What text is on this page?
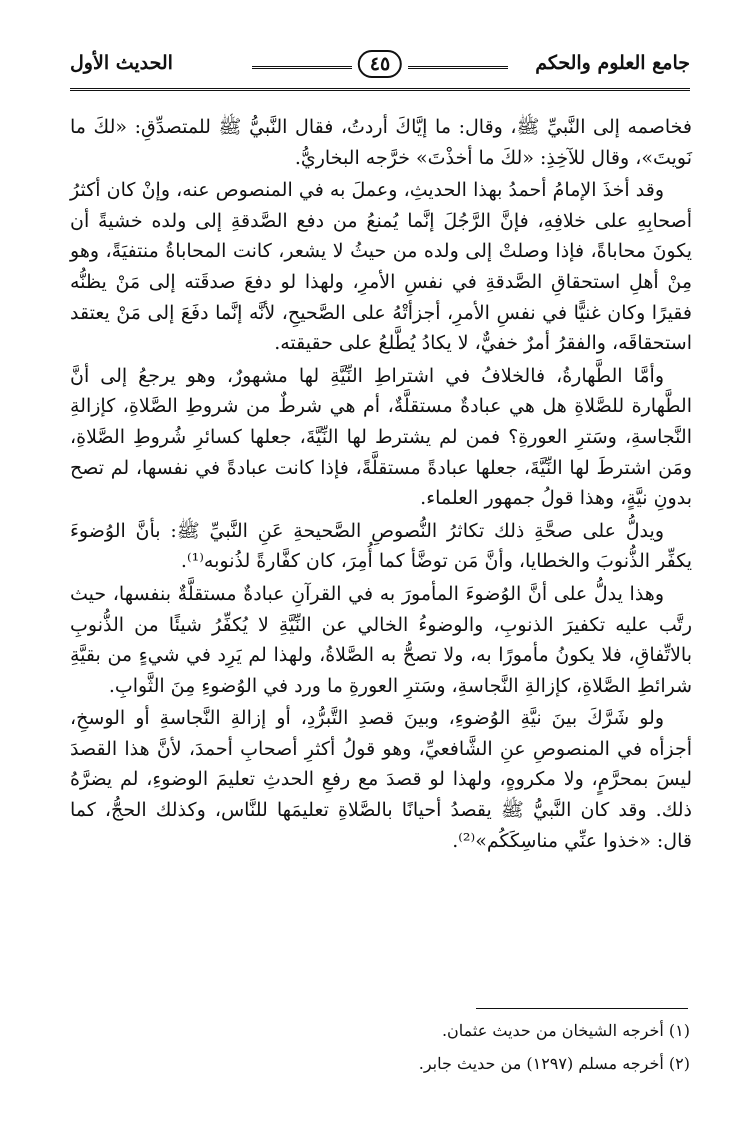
جامع العلوم والحكم
٤٥
الحديث الأول

فخاصمه إلى النَّبيِّ ﷺ، وقال: ما إيَّاكَ أردتُ، فقال النَّبيُّ ﷺ للمتصدِّقِ: «لكَ ما نَويتَ»، وقال للآخِذِ: «لكَ ما أخذْتَ» خرَّجه البخاريُّ.

وقد أخذَ الإمامُ أحمدُ بهذا الحديثِ، وعملَ به في المنصوص عنه، وإنْ كان أكثرُ أصحابِهِ على خلافِهِ، فإنَّ الرَّجُلَ إنَّما يُمنعُ من دفع الصَّدقةِ إلى ولده خشيةً أن يكونَ محاباةً، فإذا وصلتْ إلى ولده من حيثُ لا يشعر، كانت المحاباةُ منتفيَةً، وهو مِنْ أهلِ استحقاقِ الصَّدقةِ في نفسِ الأمرِ، ولهذا لو دفعَ صدقَته إلى مَنْ يظنُّه فقيرًا وكان غنيًّا في نفسِ الأمرِ، أجزأتْهُ على الصَّحيحِ، لأنَّه إنَّما دفَعَ إلى مَنْ يعتقد استحقاقَه، والفقرُ أمرٌ خفيٌّ، لا يكادُ يُطَّلعُ على حقيقته.

وأمَّا الطَّهارةُ، فالخلافُ في اشتراطِ النِّيَّةِ لها مشهورٌ، وهو يرجعُ إلى أنَّ الطَّهارة للصَّلاةِ هل هي عبادةٌ مستقلَّةٌ، أم هي شرطٌ من شروطِ الصَّلاةِ، كإزالةِ النَّجاسةِ، وسَترِ العورةِ؟ فمن لم يشترط لها النِّيَّةَ، جعلها كسائرِ شُروطِ الصَّلاةِ، ومَن اشترطَ لها النِّيَّةَ، جعلها عبادةً مستقلَّةً، فإذا كانت عبادةً في نفسها، لم تصح بدونِ نيَّةٍ، وهذا قولُ جمهور العلماء.

ويدلُّ على صحَّةِ ذلك تكاثرُ النُّصوصِ الصَّحيحةِ عَنِ النَّبيِّ ﷺ: بأنَّ الوُضوءَ يكفِّر الذُّنوبَ والخطايا، وأنَّ مَن توضَّأ كما أُمِرَ، كان كفَّارةً لذُنوبه⁽¹⁾.

وهذا يدلُّ على أنَّ الوُضوءَ المأمورَ به في القرآنِ عبادةٌ مستقلَّةٌ بنفسها، حيث رتَّب عليه تكفيرَ الذنوبِ، والوضوءُ الخالي عن النِّيَّةِ لا يُكفِّرُ شيئًا من الذُّنوبِ بالاتِّفاقِ، فلا يكونُ مأمورًا به، ولا تصحُّ به الصَّلاةُ، ولهذا لم يَرِد في شيءٍ من بقيَّةِ شرائطِ الصَّلاةِ، كإزالةِ النَّجاسةِ، وسَترِ العورةِ ما ورد في الوُضوءِ مِنَ الثَّوابِ.

ولو شَرَّكَ بينَ نيَّةِ الوُضوءِ، وبينَ قصدِ التَّبرُّدِ، أو إزالةِ النَّجاسةِ أو الوسخِ، أجزأه في المنصوصِ عنِ الشَّافعيِّ، وهو قولُ أكثرِ أصحابِ أحمدَ، لأنَّ هذا القصدَ ليسَ بمحرَّمٍ، ولا مكروهٍ، ولهذا لو قصدَ مع رفعِ الحدثِ تعليمَ الوضوءِ، لم يضرَّهُ ذلك. وقد كان النَّبيُّ ﷺ يقصدُ أحيانًا بالصَّلاةِ تعليمَها للنَّاس، وكذلك الحجُّ، كما قال: «خذوا عنِّي مناسِكَكُم»⁽²⁾.

(١) أخرجه الشيخان من حديث عثمان.
(٢) أخرجه مسلم (١٢٩٧) من حديث جابر.
